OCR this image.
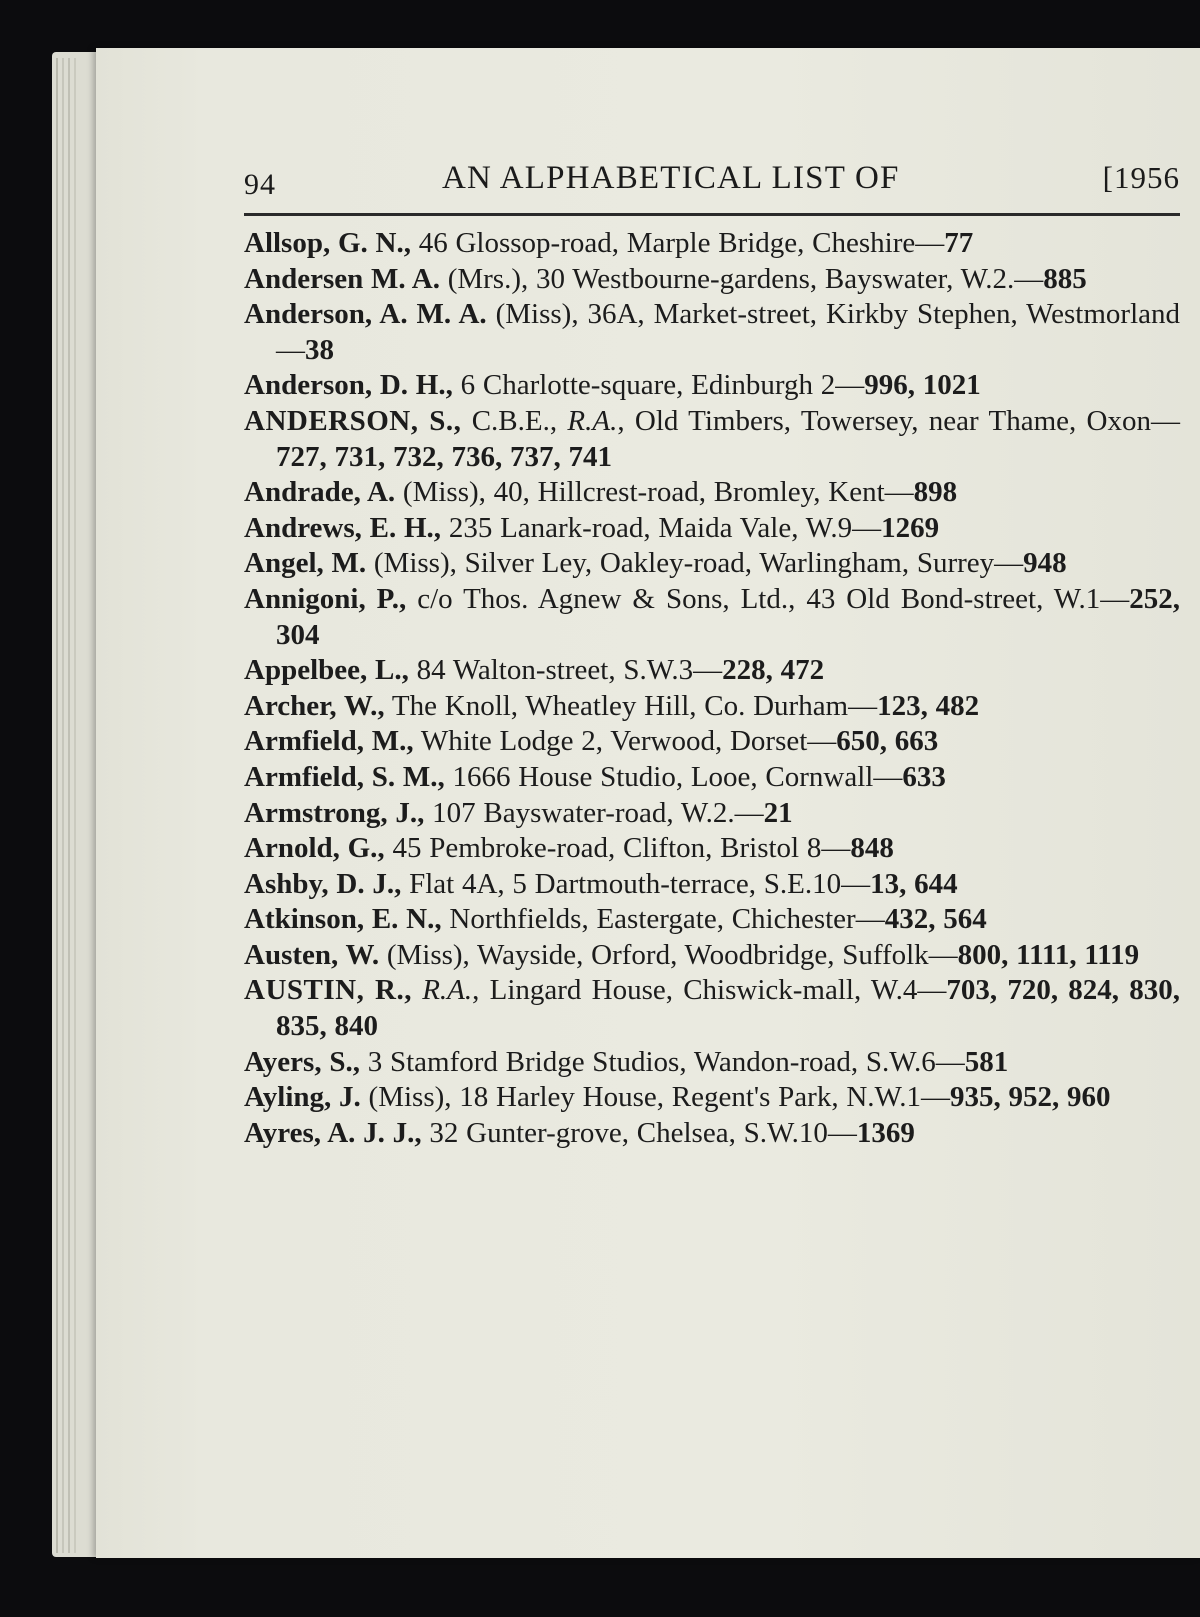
94	AN ALPHABETICAL LIST OF	[1956
Allsop, G. N., 46 Glossop-road, Marple Bridge, Cheshire—77
Andersen M. A. (Mrs.), 30 Westbourne-gardens, Bayswater, W.2.—885
Anderson, A. M. A. (Miss), 36A, Market-street, Kirkby Stephen, Westmorland—38
Anderson, D. H., 6 Charlotte-square, Edinburgh 2—996, 1021
ANDERSON, S., C.B.E., R.A., Old Timbers, Towersey, near Thame, Oxon—727, 731, 732, 736, 737, 741
Andrade, A. (Miss), 40, Hillcrest-road, Bromley, Kent—898
Andrews, E. H., 235 Lanark-road, Maida Vale, W.9—1269
Angel, M. (Miss), Silver Ley, Oakley-road, Warlingham, Surrey—948
Annigoni, P., c/o Thos. Agnew & Sons, Ltd., 43 Old Bond-street, W.1—252, 304
Appelbee, L., 84 Walton-street, S.W.3—228, 472
Archer, W., The Knoll, Wheatley Hill, Co. Durham—123, 482
Armfield, M., White Lodge 2, Verwood, Dorset—650, 663
Armfield, S. M., 1666 House Studio, Looe, Cornwall—633
Armstrong, J., 107 Bayswater-road, W.2.—21
Arnold, G., 45 Pembroke-road, Clifton, Bristol 8—848
Ashby, D. J., Flat 4A, 5 Dartmouth-terrace, S.E.10—13, 644
Atkinson, E. N., Northfields, Eastergate, Chichester—432, 564
Austen, W. (Miss), Wayside, Orford, Woodbridge, Suffolk—800, 1111, 1119
AUSTIN, R., R.A., Lingard House, Chiswick-mall, W.4—703, 720, 824, 830, 835, 840
Ayers, S., 3 Stamford Bridge Studios, Wandon-road, S.W.6—581
Ayling, J. (Miss), 18 Harley House, Regent's Park, N.W.1—935, 952, 960
Ayres, A. J. J., 32 Gunter-grove, Chelsea, S.W.10—1369
